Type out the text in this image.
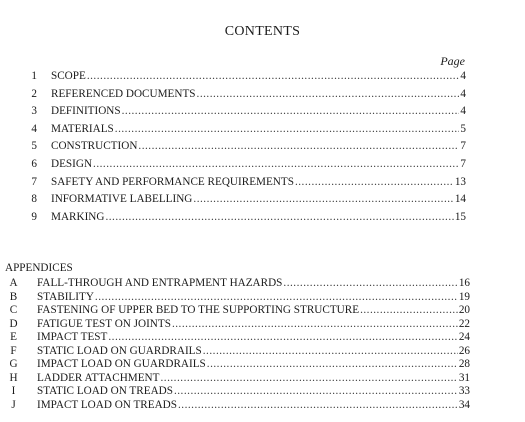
CONTENTS
Page
1 SCOPE .....	4
2 REFERENCED DOCUMENTS .....	4
3 DEFINITIONS .....	4
4 MATERIALS .....	5
5 CONSTRUCTION .....	7
6 DESIGN .....	7
7 SAFETY AND PERFORMANCE REQUIREMENTS .....	13
8 INFORMATIVE LABELLING .....	14
9 MARKING .....	15
APPENDICES
A	FALL-THROUGH AND ENTRAPMENT HAZARDS .....	16
B	STABILITY .....	19
C	FASTENING OF UPPER BED TO THE SUPPORTING STRUCTURE .....	20
D	FATIGUE TEST ON JOINTS .....	22
E	IMPACT TEST .....	24
F	STATIC LOAD ON GUARDRAILS .....	26
G	IMPACT LOAD ON GUARDRAILS .....	28
H	LADDER ATTACHMENT .....	31
I	STATIC LOAD ON TREADS .....	33
J	IMPACT LOAD ON TREADS .....	34
